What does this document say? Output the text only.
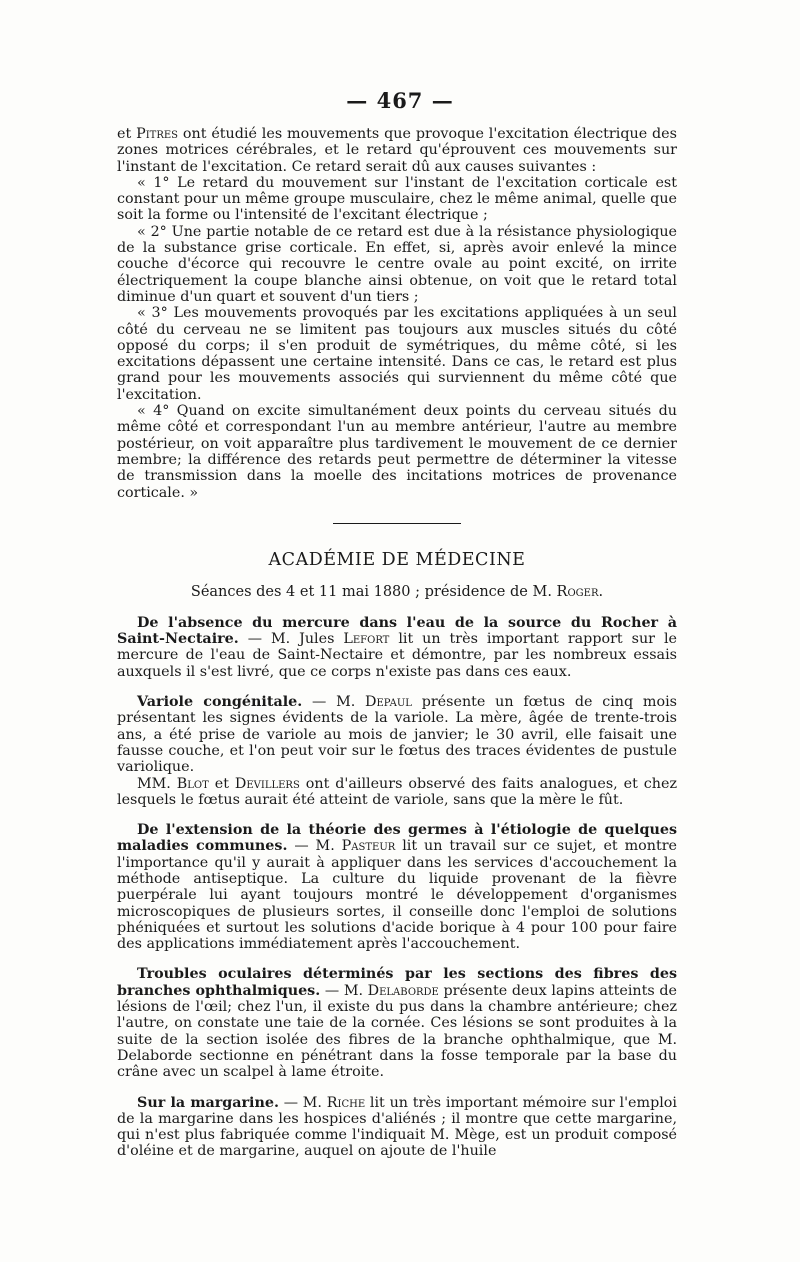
— 467 —

et Pitres ont étudié les mouvements que provoque l'excitation électrique des zones motrices cérébrales, et le retard qu'éprouvent ces mouvements sur l'instant de l'excitation. Ce retard serait dû aux causes suivantes :

« 1° Le retard du mouvement sur l'instant de l'excitation corticale est constant pour un même groupe musculaire, chez le même animal, quelle que soit la forme ou l'intensité de l'excitant électrique ;

« 2° Une partie notable de ce retard est due à la résistance physiologique de la substance grise corticale. En effet, si, après avoir enlevé la mince couche d'écorce qui recouvre le centre ovale au point excité, on irrite électriquement la coupe blanche ainsi obtenue, on voit que le retard total diminue d'un quart et souvent d'un tiers ;

« 3° Les mouvements provoqués par les excitations appliquées à un seul côté du cerveau ne se limitent pas toujours aux muscles situés du côté opposé du corps; il s'en produit de symétriques, du même côté, si les excitations dépassent une certaine intensité. Dans ce cas, le retard est plus grand pour les mouvements associés qui surviennent du même côté que l'excitation.

« 4° Quand on excite simultanément deux points du cerveau situés du même côté et correspondant l'un au membre antérieur, l'autre au membre postérieur, on voit apparaître plus tardivement le mouvement de ce dernier membre; la différence des retards peut permettre de déterminer la vitesse de transmission dans la moelle des incitations motrices de provenance corticale. »

ACADÉMIE DE MÉDECINE
Séances des 4 et 11 mai 1880 ; présidence de M. Roger.

De l'absence du mercure dans l'eau de la source du Rocher à Saint-Nectaire. — M. Jules Lefort lit un très important rapport sur le mercure de l'eau de Saint-Nectaire et démontre, par les nombreux essais auxquels il s'est livré, que ce corps n'existe pas dans ces eaux.

Variole congénitale. — M. Depaul présente un fœtus de cinq mois présentant les signes évidents de la variole. La mère, âgée de trente-trois ans, a été prise de variole au mois de janvier; le 30 avril, elle faisait une fausse couche, et l'on peut voir sur le fœtus des traces évidentes de pustule variolique.

MM. Blot et Devillers ont d'ailleurs observé des faits analogues, et chez lesquels le fœtus aurait été atteint de variole, sans que la mère le fût.

De l'extension de la théorie des germes à l'étiologie de quelques maladies communes. — M. Pasteur lit un travail sur ce sujet, et montre l'importance qu'il y aurait à appliquer dans les services d'accouchement la méthode antiseptique. La culture du liquide provenant de la fièvre puerpérale lui ayant toujours montré le développement d'organismes microscopiques de plusieurs sortes, il conseille donc l'emploi de solutions phéniquées et surtout les solutions d'acide borique à 4 pour 100 pour faire des applications immédiatement après l'accouchement.

Troubles oculaires déterminés par les sections des fibres des branches ophthalmiques. — M. Delaborde présente deux lapins atteints de lésions de l'œil; chez l'un, il existe du pus dans la chambre antérieure; chez l'autre, on constate une taie de la cornée. Ces lésions se sont produites à la suite de la section isolée des fibres de la branche ophthalmique, que M. Delaborde sectionne en pénétrant dans la fosse temporale par la base du crâne avec un scalpel à lame étroite.

Sur la margarine. — M. Riche lit un très important mémoire sur l'emploi de la margarine dans les hospices d'aliénés ; il montre que cette margarine, qui n'est plus fabriquée comme l'indiquait M. Mège, est un produit composé d'oléine et de margarine, auquel on ajoute de l'huile
